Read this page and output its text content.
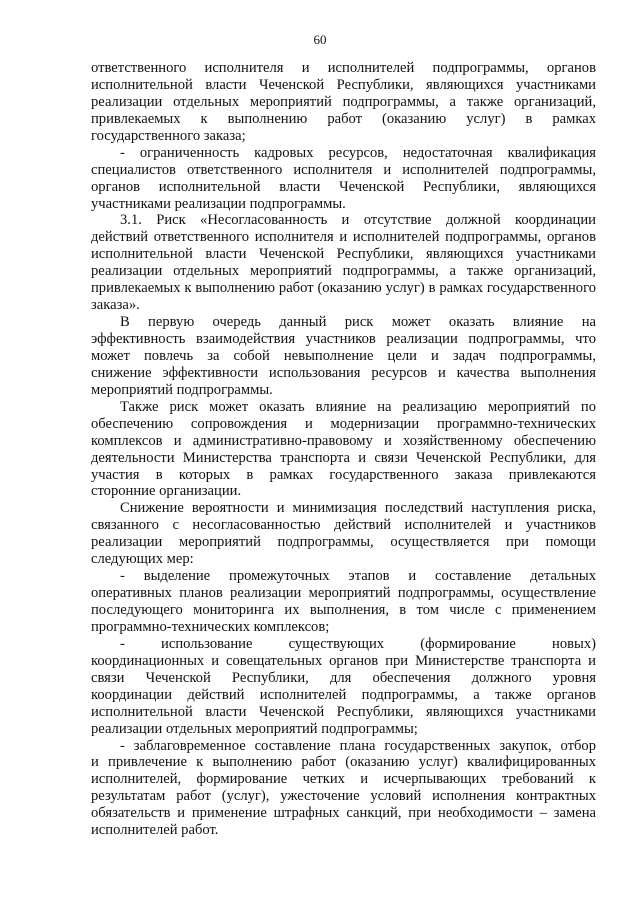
60
ответственного исполнителя и исполнителей подпрограммы, органов
исполнительной власти Чеченской Республики, являющихся участниками
реализации отдельных мероприятий подпрограммы, а также организаций,
привлекаемых к выполнению работ (оказанию услуг) в рамках
государственного заказа;
- ограниченность кадровых ресурсов, недостаточная квалификация
специалистов ответственного исполнителя и исполнителей подпрограммы,
органов исполнительной власти Чеченской Республики, являющихся
участниками реализации подпрограммы.
3.1. Риск «Несогласованность и отсутствие должной координации
действий ответственного исполнителя и исполнителей подпрограммы, органов
исполнительной власти Чеченской Республики, являющихся участниками
реализации отдельных мероприятий подпрограммы, а также организаций,
привлекаемых к выполнению работ (оказанию услуг) в рамках государственного
заказа».
В первую очередь данный риск может оказать влияние на
эффективность взаимодействия участников реализации подпрограммы, что
может повлечь за собой невыполнение цели и задач подпрограммы,
снижение эффективности использования ресурсов и качества выполнения
мероприятий подпрограммы.
Также риск может оказать влияние на реализацию мероприятий по
обеспечению сопровождения и модернизации программно-технических
комплексов и административно-правовому и хозяйственному обеспечению
деятельности Министерства транспорта и связи Чеченской Республики, для
участия в которых в рамках государственного заказа привлекаются
сторонние организации.
Снижение вероятности и минимизация последствий наступления риска,
связанного с несогласованностью действий исполнителей и участников
реализации мероприятий подпрограммы, осуществляется при помощи
следующих мер:
- выделение промежуточных этапов и составление детальных
оперативных планов реализации мероприятий подпрограммы, осуществление
последующего мониторинга их выполнения, в том числе с применением
программно-технических комплексов;
- использование существующих (формирование новых)
координационных и совещательных органов при Министерстве транспорта и
связи Чеченской Республики, для обеспечения должного уровня
координации действий исполнителей подпрограммы, а также органов
исполнительной власти Чеченской Республики, являющихся участниками
реализации отдельных мероприятий подпрограммы;
- заблаговременное составление плана государственных закупок, отбор
и привлечение к выполнению работ (оказанию услуг) квалифицированных
исполнителей, формирование четких и исчерпывающих требований к
результатам работ (услуг), ужесточение условий исполнения контрактных
обязательств и применение штрафных санкций, при необходимости – замена
исполнителей работ.
